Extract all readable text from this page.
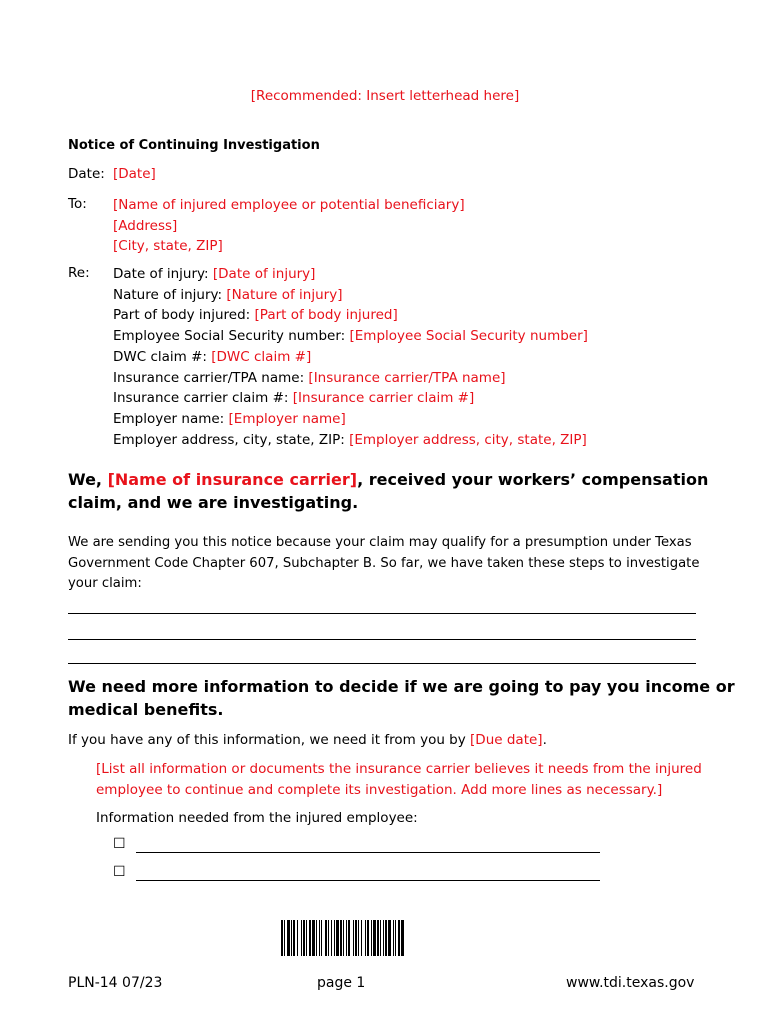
[Recommended: Insert letterhead here]
Notice of Continuing Investigation
Date: [Date]
To: [Name of injured employee or potential beneficiary]
[Address]
[City, state, ZIP]
Re: Date of injury: [Date of injury]
Nature of injury: [Nature of injury]
Part of body injured: [Part of body injured]
Employee Social Security number: [Employee Social Security number]
DWC claim #: [DWC claim #]
Insurance carrier/TPA name: [Insurance carrier/TPA name]
Insurance carrier claim #: [Insurance carrier claim #]
Employer name: [Employer name]
Employer address, city, state, ZIP: [Employer address, city, state, ZIP]
We, [Name of insurance carrier], received your workers’ compensation
claim, and we are investigating.
We are sending you this notice because your claim may qualify for a presumption under Texas
Government Code Chapter 607, Subchapter B. So far, we have taken these steps to investigate
your claim:
We need more information to decide if we are going to pay you income or
medical benefits.
If you have any of this information, we need it from you by [Due date].
[List all information or documents the insurance carrier believes it needs from the injured
employee to continue and complete its investigation. Add more lines as necessary.]
Information needed from the injured employee:
☐
☐
PLN-14 07/23	page 1	www.tdi.texas.gov
